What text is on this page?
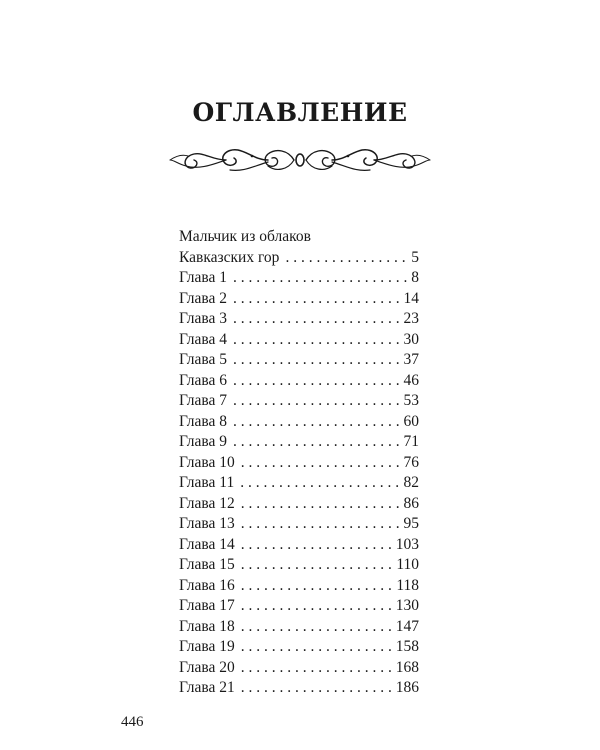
ОГЛАВЛЕНИЕ
Мальчик из облаков
Кавказских гор . . .	5
Глава 1 . . .	8
Глава 2 . . .	14
Глава 3 . . .	23
Глава 4 . . .	30
Глава 5 . . .	37
Глава 6 . . .	46
Глава 7 . . .	53
Глава 8 . . .	60
Глава 9 . . .	71
Глава 10 . . .	76
Глава 11 . . .	82
Глава 12 . . .	86
Глава 13 . . .	95
Глава 14 . . .	103
Глава 15 . . .	110
Глава 16 . . .	118
Глава 17 . . .	130
Глава 18 . . .	147
Глава 19 . . .	158
Глава 20 . . .	168
Глава 21 . . .	186
446
